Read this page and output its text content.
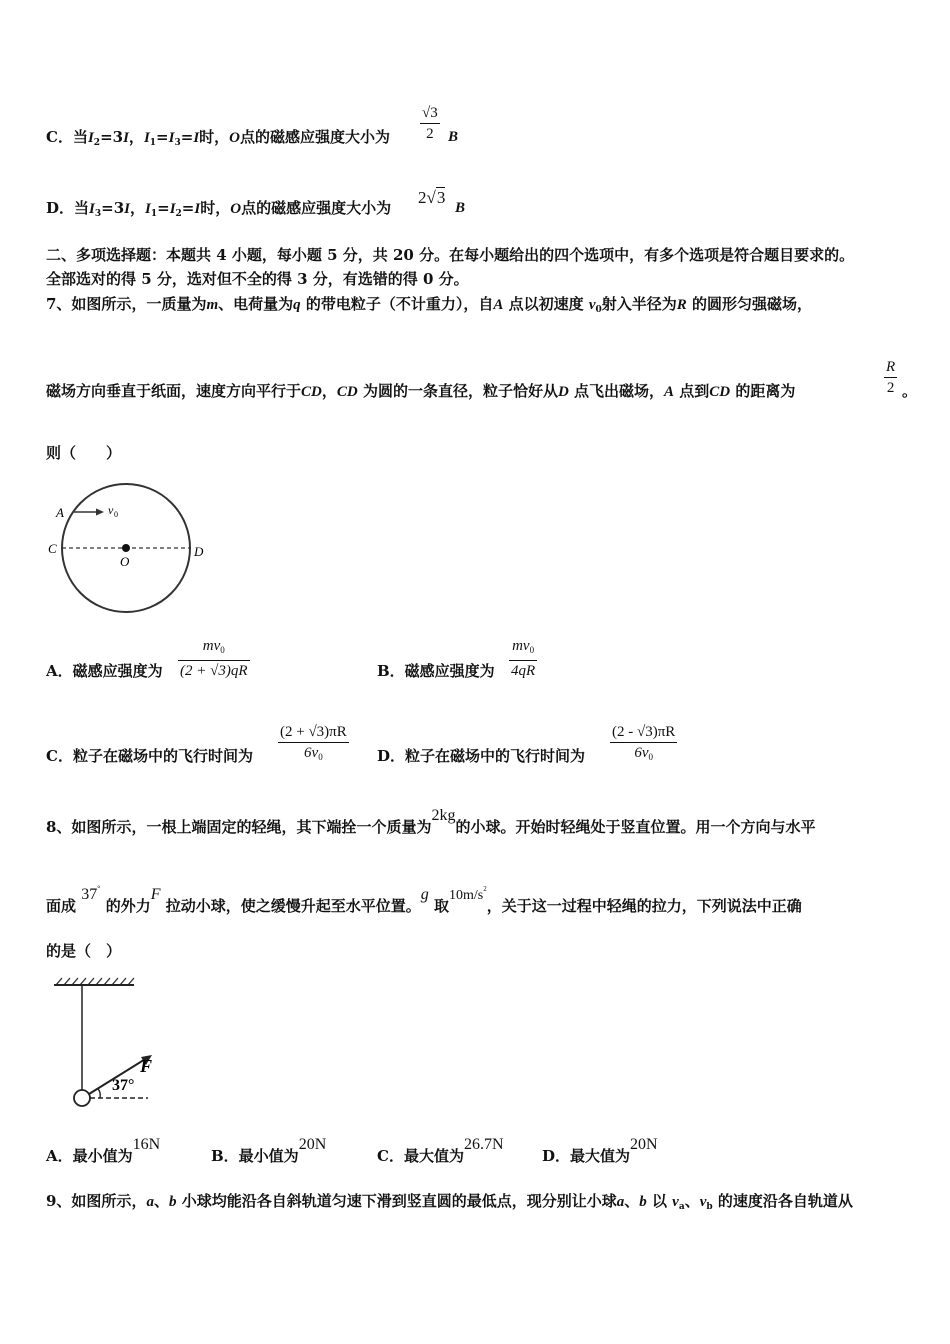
C．当$I_2=3I$，$I_1=I_3=I$时，O点的磁感应强度大小为 $\frac{√3}{2}$ B
D．当$I_3=3I$，$I_1=I_2=I$时，O点的磁感应强度大小为
2√3
B
二、多项选择题：本题共 4 小题，每小题 5 分，共 20 分。在每小题给出的四个选项中，有多个选项是符合题目要求的。
全部选对的得 5 分，选对但不全的得 3 分，有选错的得 0 分。
7、如图所示，一质量为m、电荷量为q 的带电粒子（不计重力），自A 点以初速度 $v_0$射入半径为R 的圆形匀强磁场，
磁场方向垂直于纸面，速度方向平行于CD，CD 为圆的一条直径，粒子恰好从D 点飞出磁场，A 点到CD 的距离为	$\frac{R}{2}$ 。
则（　　）
A	v 0
C
O
D
A．磁感应强度为 $\frac{mv_0}{(2 + √3)qR}$	B．磁感应强度为 $\frac{mv_0}{4qR}$
C．粒子在磁场中的飞行时间为 $\frac{(2 + √3)\pi R}{6v_0}$ D．粒子在磁场中的飞行时间为 $\frac{(2 - √3)\pi R}{6v_0}$
8、如图所示，一根上端固定的轻绳，其下端拴一个质量为2kg的小球。开始时轻绳处于竖直位置。用一个方向与水平
面成 37° 的外力F 拉动小球，使之缓慢升起至水平位置。g 取$10m/s^2$，关于这一过程中轻绳的拉力，下列说法中正确
的是（　）
F
37°
A．最小值为16N
B．最小值为20N
C．最大值为26.7N
D．最大值为20N
9、如图所示，a、b 小球均能沿各自斜轨道匀速下滑到竖直圆的最低点，现分别让小球a、b 以 $v_a$、$v_b$ 的速度沿各自轨道从
